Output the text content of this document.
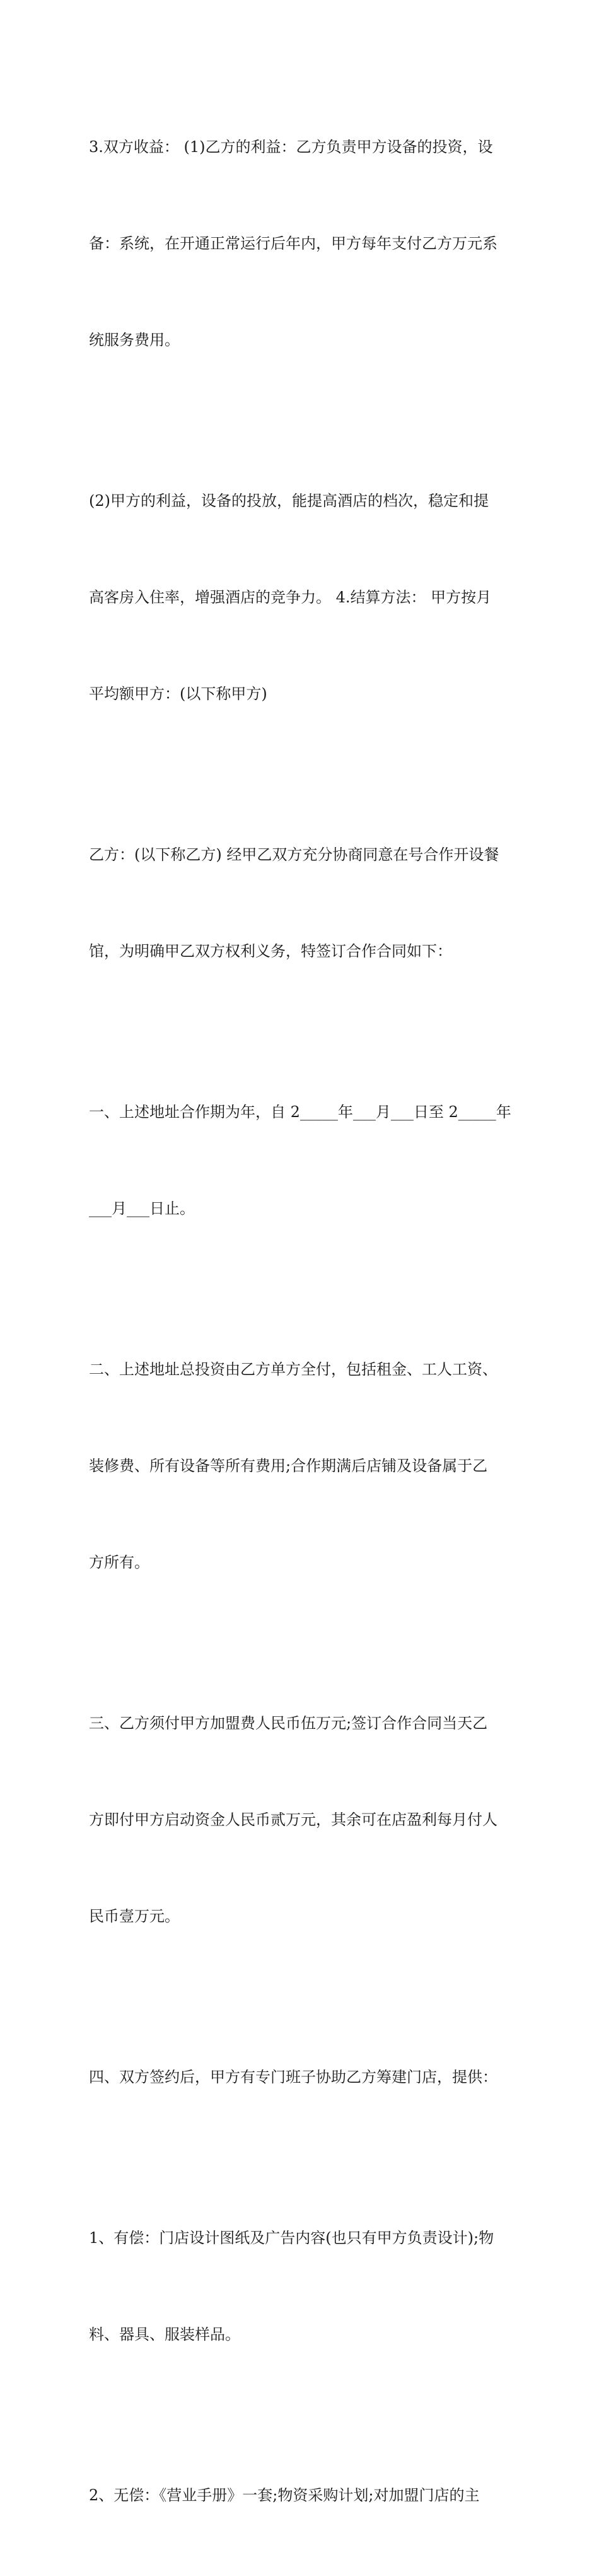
3.双方收益： (1)乙方的利益：乙方负责甲方设备的投资，设

备：系统，在开通正常运行后年内，甲方每年支付乙方万元系

统服务费用。

(2)甲方的利益，设备的投放，能提高酒店的档次，稳定和提

高客房入住率，增强酒店的竞争力。 4.结算方法： 甲方按月

平均额甲方：(以下称甲方)

乙方：(以下称乙方) 经甲乙双方充分协商同意在号合作开设餐

馆，为明确甲乙双方权利义务，特签订合作合同如下：

一、上述地址合作期为年，自 2_____年___月___日至 2_____年

___月___日止。

二、上述地址总投资由乙方单方全付，包括租金、工人工资、

装修费、所有设备等所有费用;合作期满后店铺及设备属于乙

方所有。

三、乙方须付甲方加盟费人民币伍万元;签订合作合同当天乙

方即付甲方启动资金人民币贰万元，其余可在店盈利每月付人

民币壹万元。

四、双方签约后，甲方有专门班子协助乙方筹建门店，提供：

1、有偿：门店设计图纸及广告内容(也只有甲方负责设计);物

料、器具、服装样品。

2、无偿：《营业手册》一套;物资采购计划;对加盟门店的主
